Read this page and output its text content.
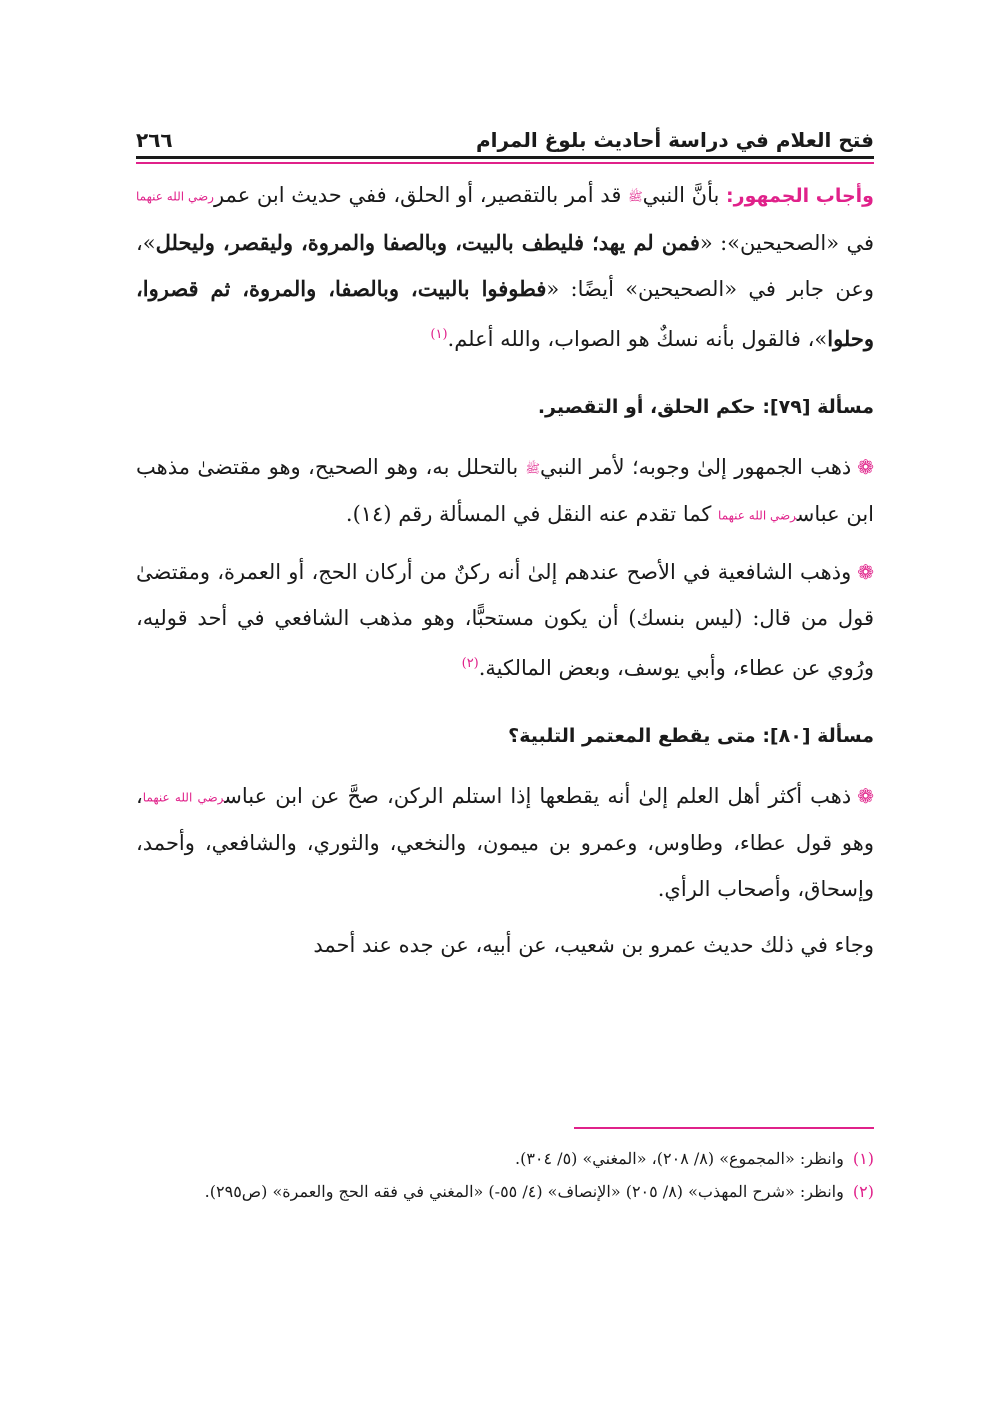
فتح العلام في دراسة أحاديث بلوغ المرام
٢٦٦

وأجاب الجمهور: بأنَّ النبيﷺ قد أمر بالتقصير، أو الحلق، ففي حديث ابن عمررضي الله عنهما في «الصحيحين»: «فمن لم يهد؛ فليطف بالبيت، وبالصفا والمروة، وليقصر، وليحلل»، وعن جابر في «الصحيحين» أيضًا: «فطوفوا بالبيت، وبالصفا، والمروة، ثم قصروا، وحلوا»، فالقول بأنه نسكٌ هو الصواب، والله أعلم.$^{(١)}$

مسألة [٧٩]: حكم الحلق، أو التقصير.

❁ذهب الجمهور إلىٰ وجوبه؛ لأمر النبيﷺ بالتحلل به، وهو الصحيح، وهو مقتضىٰ مذهب ابن عباسرضي الله عنهما كما تقدم عنه النقل في المسألة رقم (١٤).

❁وذهب الشافعية في الأصح عندهم إلىٰ أنه ركنٌ من أركان الحج، أو العمرة، ومقتضىٰ قول من قال: (ليس بنسك) أن يكون مستحبًّا، وهو مذهب الشافعي في أحد قوليه، ورُوي عن عطاء، وأبي يوسف، وبعض المالكية.$^{(٢)}$

مسألة [٨٠]: متى يقطع المعتمر التلبية؟

❁ذهب أكثر أهل العلم إلىٰ أنه يقطعها إذا استلم الركن، صحَّ عن ابن عباسرضي الله عنهما، وهو قول عطاء، وطاوس، وعمرو بن ميمون، والنخعي، والثوري، والشافعي، وأحمد، وإسحاق، وأصحاب الرأي.

وجاء في ذلك حديث عمرو بن شعيب، عن أبيه، عن جده عند أحمد

(١) وانظر: «المجموع» (٨/ ٢٠٨)، «المغني» (٥/ ٣٠٤).
(٢) وانظر: «شرح المهذب» (٨/ ٢٠٥) «الإنصاف» (٤/ ٥٥-) «المغني في فقه الحج والعمرة» (ص٢٩٥).
